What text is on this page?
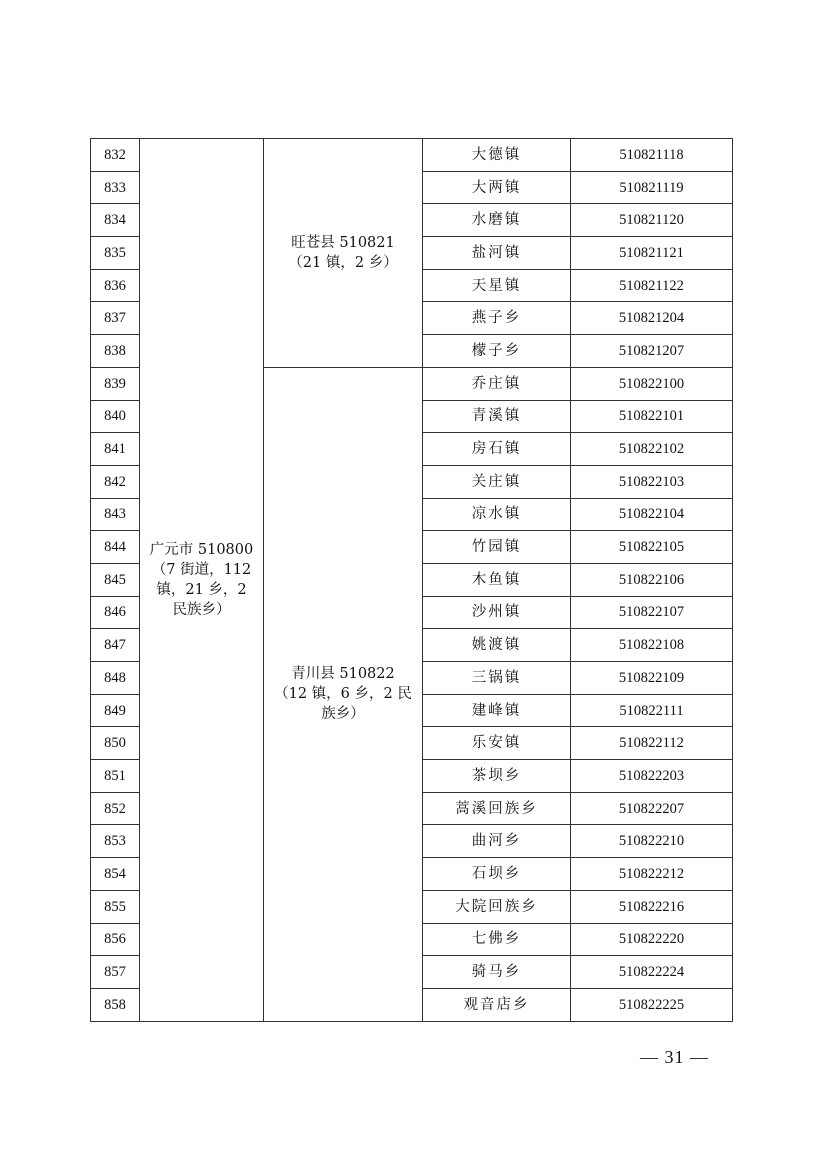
832	广元市 510800
（7 街道，112
镇，21 乡，2
民族乡）	旺苍县 510821
（21 镇，2 乡）	大德镇	510821118
833			大两镇	510821119
834			水磨镇	510821120
835			盐河镇	510821121
836			天星镇	510821122
837			燕子乡	510821204
838			檬子乡	510821207
839		青川县 510822
（12 镇，6 乡，2 民
族乡）	乔庄镇	510822100
840			青溪镇	510822101
841			房石镇	510822102
842			关庄镇	510822103
843			凉水镇	510822104
844			竹园镇	510822105
845			木鱼镇	510822106
846			沙州镇	510822107
847			姚渡镇	510822108
848			三锅镇	510822109
849			建峰镇	510822111
850			乐安镇	510822112
851			茶坝乡	510822203
852			蒿溪回族乡	510822207
853			曲河乡	510822210
854			石坝乡	510822212
855			大院回族乡	510822216
856			七佛乡	510822220
857			骑马乡	510822224
858			观音店乡	510822225
— 31 —
